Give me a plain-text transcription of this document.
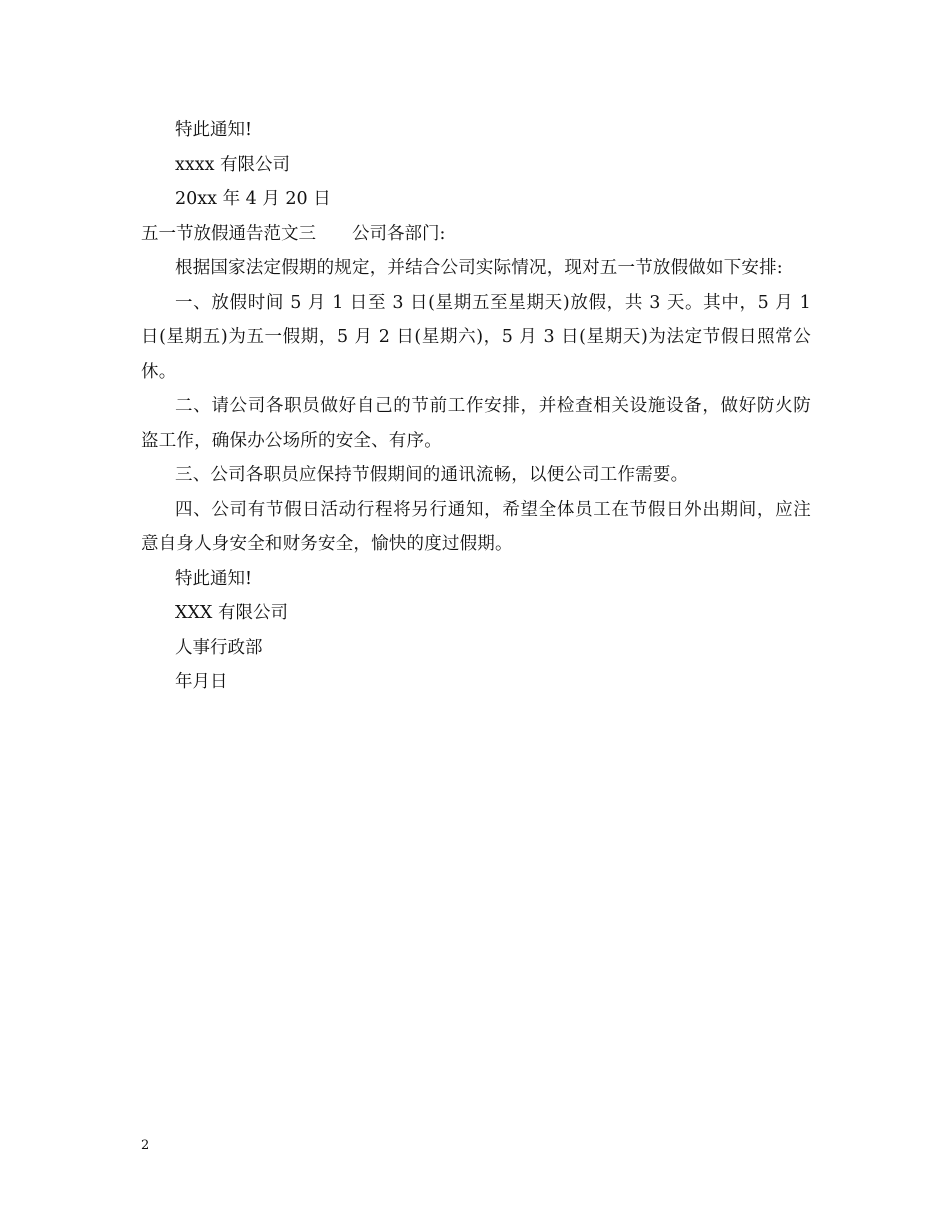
特此通知!

xxxx 有限公司

20xx 年 4 月 20 日

五一节放假通告范文三 公司各部门:

根据国家法定假期的规定，并结合公司实际情况，现对五一节放假做如下安排:

一、放假时间 5 月 1 日至 3 日(星期五至星期天)放假，共 3 天。其中，5 月 1 日(星期五)为五一假期，5 月 2 日(星期六)，5 月 3 日(星期天)为法定节假日照常公休。

二、请公司各职员做好自己的节前工作安排，并检查相关设施设备，做好防火防盗工作，确保办公场所的安全、有序。

三、公司各职员应保持节假期间的通讯流畅，以便公司工作需要。

四、公司有节假日活动行程将另行通知，希望全体员工在节假日外出期间，应注意自身人身安全和财务安全，愉快的度过假期。

特此通知!

XXX 有限公司

人事行政部

年月日

2
